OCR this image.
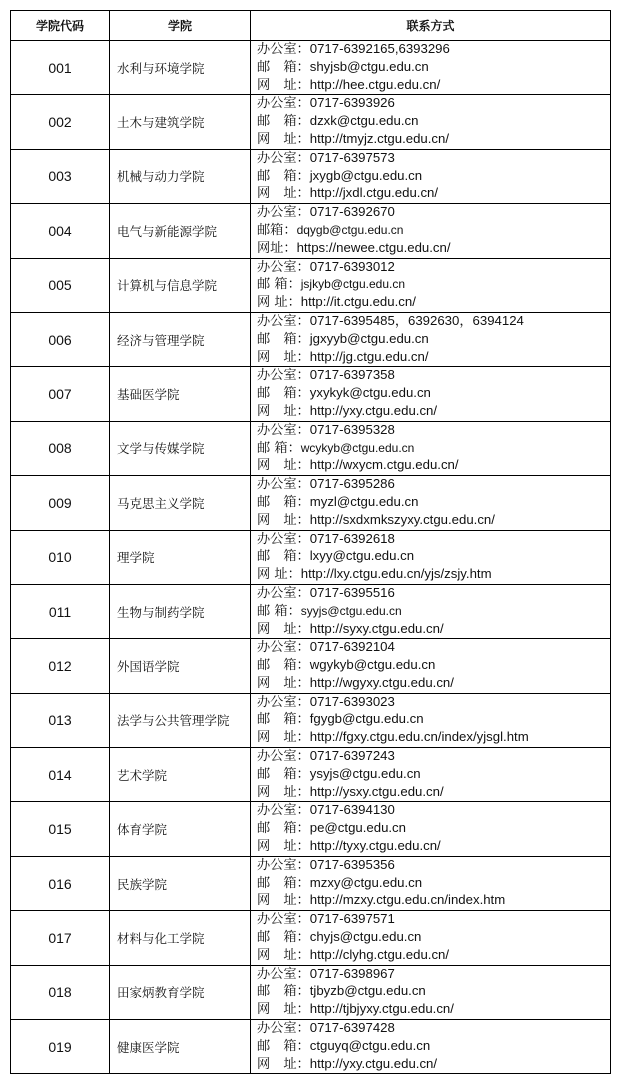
学院代码	学院	联系方式
001	水利与环境学院	办公室：0717-6392165,6393296
邮　箱：shyjsb@ctgu.edu.cn
网　址：http://hee.ctgu.edu.cn/

002	土木与建筑学院	办公室：0717-6393926
邮　箱：dzxk@ctgu.edu.cn
网　址：http://tmyjz.ctgu.edu.cn/

003	机械与动力学院	办公室：0717-6397573
邮　箱：jxygb@ctgu.edu.cn
网　址：http://jxdl.ctgu.edu.cn/

004	电气与新能源学院	办公室：0717-6392670
邮箱：dqygb@ctgu.edu.cn
网址：https://newee.ctgu.edu.cn/

005	计算机与信息学院	办公室：0717-6393012
邮 箱：jsjkyb@ctgu.edu.cn
网 址：http://it.ctgu.edu.cn/

006	经济与管理学院	办公室：0717-6395485，6392630，6394124
邮　箱：jgxyyb@ctgu.edu.cn
网　址：http://jg.ctgu.edu.cn/

007	基础医学院	办公室：0717-6397358
邮　箱：yxykyk@ctgu.edu.cn
网　址：http://yxy.ctgu.edu.cn/

008	文学与传媒学院	办公室：0717-6395328
邮 箱：wcykyb@ctgu.edu.cn
网　址：http://wxycm.ctgu.edu.cn/

009	马克思主义学院	办公室：0717-6395286
邮　箱：myzl@ctgu.edu.cn
网　址：http://sxdxmkszyxy.ctgu.edu.cn/

010	理学院	办公室：0717-6392618
邮　箱：lxyy@ctgu.edu.cn
网 址：http://lxy.ctgu.edu.cn/yjs/zsjy.htm

011	生物与制药学院	办公室：0717-6395516
邮 箱：syyjs@ctgu.edu.cn
网　址：http://syxy.ctgu.edu.cn/

012	外国语学院	办公室：0717-6392104
邮　箱：wgykyb@ctgu.edu.cn
网　址：http://wgyxy.ctgu.edu.cn/

013	法学与公共管理学院	办公室：0717-6393023
邮　箱：fgygb@ctgu.edu.cn
网　址：http://fgxy.ctgu.edu.cn/index/yjsgl.htm

014	艺术学院	办公室：0717-6397243
邮　箱：ysyjs@ctgu.edu.cn
网　址：http://ysxy.ctgu.edu.cn/

015	体育学院	办公室：0717-6394130
邮　箱：pe@ctgu.edu.cn
网　址：http://tyxy.ctgu.edu.cn/

016	民族学院	办公室：0717-6395356
邮　箱：mzxy@ctgu.edu.cn
网　址：http://mzxy.ctgu.edu.cn/index.htm

017	材料与化工学院	办公室：0717-6397571
邮　箱：chyjs@ctgu.edu.cn
网　址：http://clyhg.ctgu.edu.cn/

018	田家炳教育学院	办公室：0717-6398967
邮　箱：tjbyzb@ctgu.edu.cn
网　址：http://tjbjyxy.ctgu.edu.cn/

019	健康医学院	办公室：0717-6397428
邮　箱：ctguyq@ctgu.edu.cn
网　址：http://yxy.ctgu.edu.cn/
